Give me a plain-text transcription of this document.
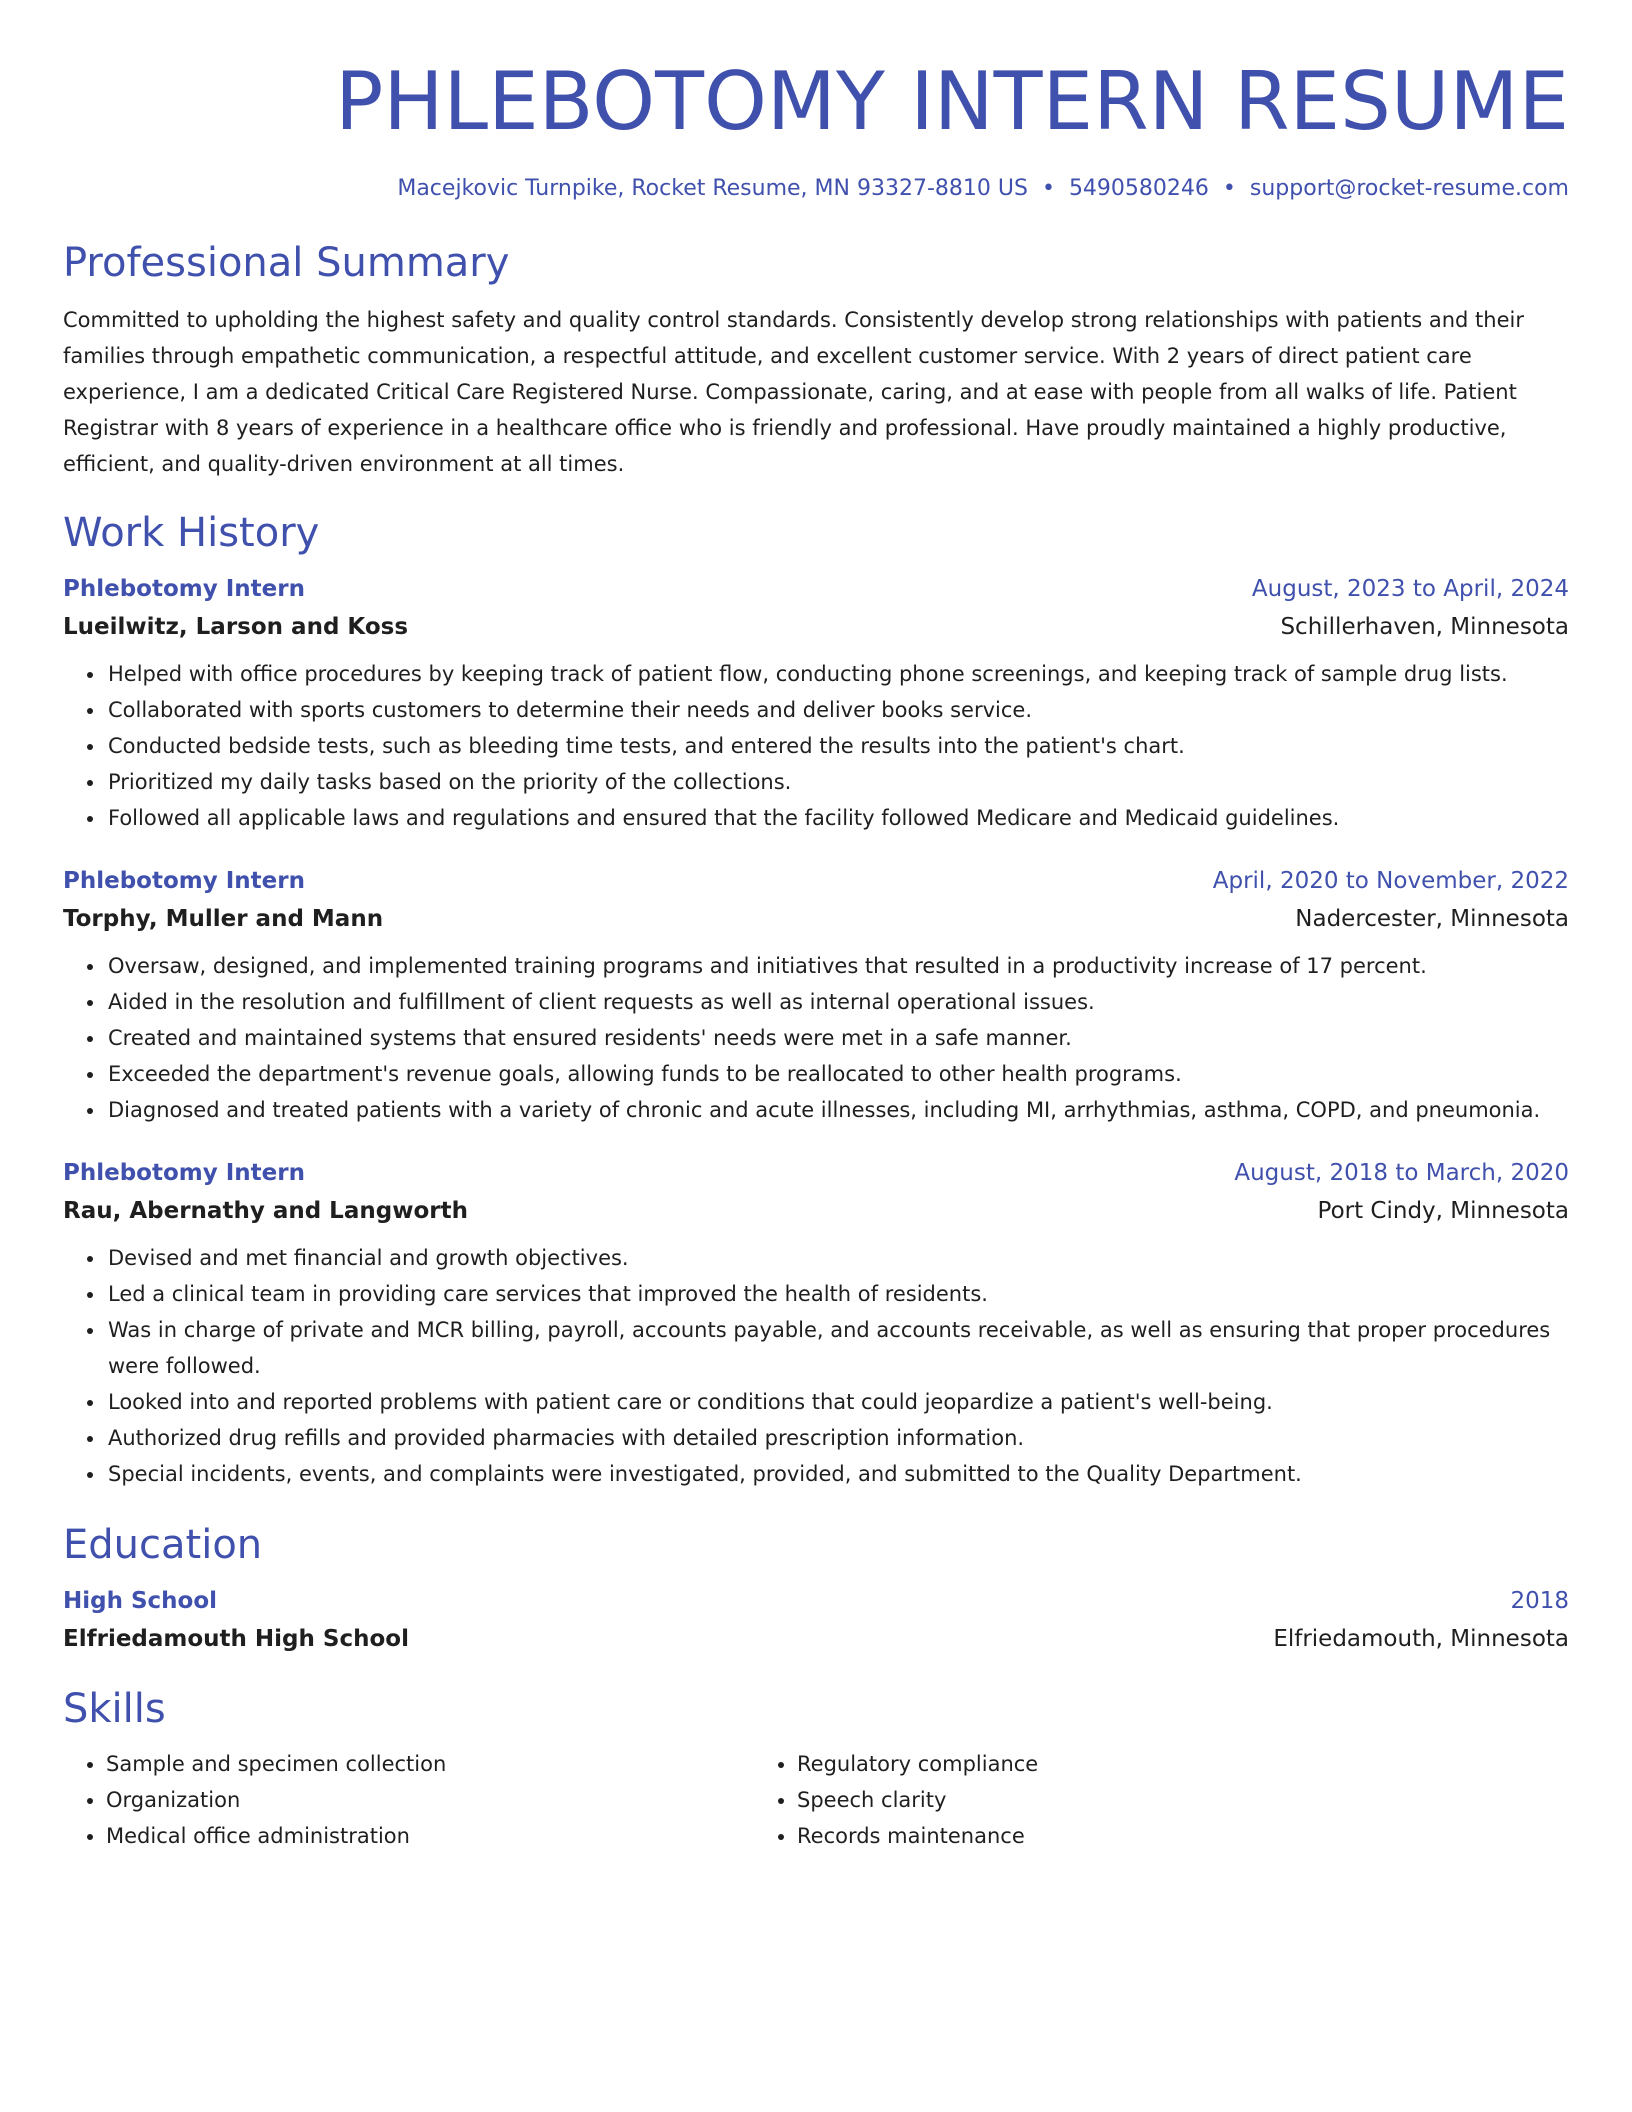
PHLEBOTOMY INTERN RESUME
Macejkovic Turnpike, Rocket Resume, MN 93327-8810 US • 5490580246 • support@rocket-resume.com
Professional Summary
Committed to upholding the highest safety and quality control standards. Consistently develop strong relationships with patients and their families through empathetic communication, a respectful attitude, and excellent customer service. With 2 years of direct patient care experience, I am a dedicated Critical Care Registered Nurse. Compassionate, caring, and at ease with people from all walks of life. Patient Registrar with 8 years of experience in a healthcare office who is friendly and professional. Have proudly maintained a highly productive, efficient, and quality-driven environment at all times.
Work History
Phlebotomy Intern	August, 2023 to April, 2024
Lueilwitz, Larson and Koss	Schillerhaven, Minnesota
• Helped with office procedures by keeping track of patient flow, conducting phone screenings, and keeping track of sample drug lists.
• Collaborated with sports customers to determine their needs and deliver books service.
• Conducted bedside tests, such as bleeding time tests, and entered the results into the patient's chart.
• Prioritized my daily tasks based on the priority of the collections.
• Followed all applicable laws and regulations and ensured that the facility followed Medicare and Medicaid guidelines.
Phlebotomy Intern	April, 2020 to November, 2022
Torphy, Muller and Mann	Nadercester, Minnesota
• Oversaw, designed, and implemented training programs and initiatives that resulted in a productivity increase of 17 percent.
• Aided in the resolution and fulfillment of client requests as well as internal operational issues.
• Created and maintained systems that ensured residents' needs were met in a safe manner.
• Exceeded the department's revenue goals, allowing funds to be reallocated to other health programs.
• Diagnosed and treated patients with a variety of chronic and acute illnesses, including MI, arrhythmias, asthma, COPD, and pneumonia.
Phlebotomy Intern	August, 2018 to March, 2020
Rau, Abernathy and Langworth	Port Cindy, Minnesota
• Devised and met financial and growth objectives.
• Led a clinical team in providing care services that improved the health of residents.
• Was in charge of private and MCR billing, payroll, accounts payable, and accounts receivable, as well as ensuring that proper procedures were followed.
• Looked into and reported problems with patient care or conditions that could jeopardize a patient's well-being.
• Authorized drug refills and provided pharmacies with detailed prescription information.
• Special incidents, events, and complaints were investigated, provided, and submitted to the Quality Department.
Education
High School	2018
Elfriedamouth High School	Elfriedamouth, Minnesota
Skills
• Sample and specimen collection
• Organization
• Medical office administration
• Regulatory compliance
• Speech clarity
• Records maintenance
